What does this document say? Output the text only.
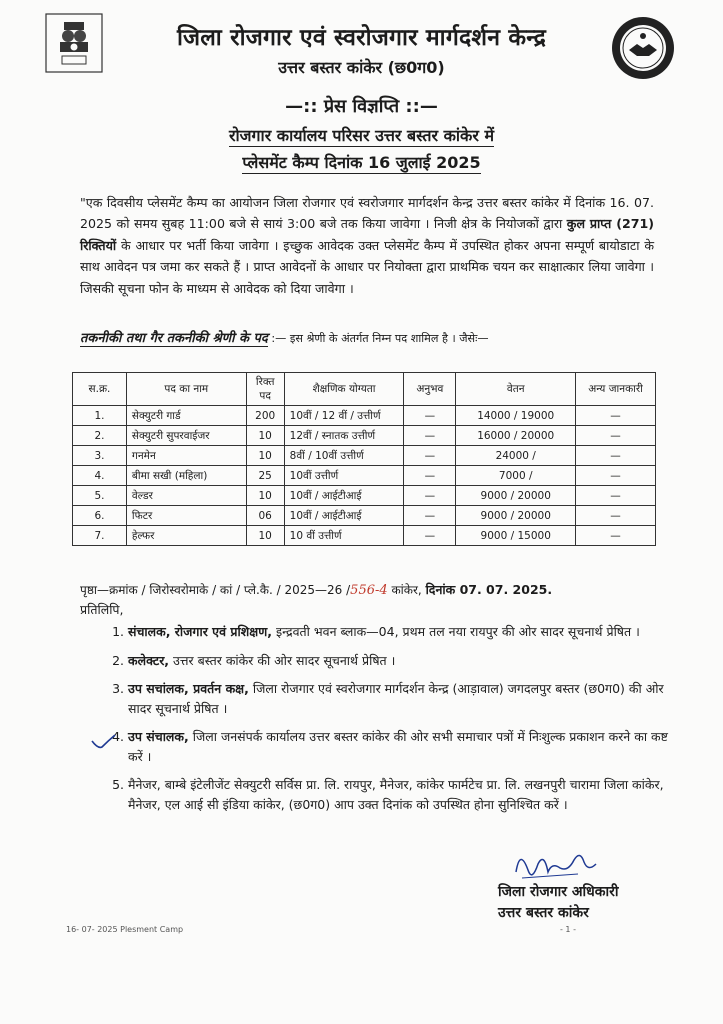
जिला रोजगार एवं स्वरोजगार मार्गदर्शन केन्द्र
उत्तर बस्तर कांकेर (छ0ग0)
—:: प्रेस विज्ञप्ति ::—
रोजगार कार्यालय परिसर उत्तर बस्तर कांकेर में
प्लेसमेंट कैम्प दिनांक 16 जुलाई 2025
"एक दिवसीय प्लेसमेंट कैम्प का आयोजन जिला रोजगार एवं स्वरोजगार मार्गदर्शन केन्द्र उत्तर बस्तर कांकेर में दिनांक 16. 07. 2025 को समय सुबह 11:00 बजे से सायं 3:00 बजे तक किया जावेगा । निजी क्षेत्र के नियोजकों द्वारा कुल प्राप्त (271) रिक्तियों के आधार पर भर्ती किया जावेगा । इच्छुक आवेदक उक्त प्लेसमेंट कैम्प में उपस्थित होकर अपना सम्पूर्ण बायोडाटा के साथ आवेदन पत्र जमा कर सकते हैं । प्राप्त आवेदनों के आधार पर नियोक्ता द्वारा प्राथमिक चयन कर साक्षात्कार लिया जावेगा । जिसकी सूचना फोन के माध्यम से आवेदक को दिया जावेगा ।
तकनीकी तथा गैर तकनीकी श्रेणी के पद :— इस श्रेणी के अंतर्गत निम्न पद शामिल है । जैसेः—
स.क्र.	पद का नाम	रिक्त पद	शैक्षणिक योग्यता	अनुभव	वेतन	अन्य जानकारी
1.	सेक्युटरी गार्ड	200	10वीं / 12 वीं / उत्तीर्ण	—	14000 / 19000	—
2.	सेक्युटरी सुपरवाईजर	10	12वीं / स्नातक उत्तीर्ण	—	16000 / 20000	—
3.	गनमेन	10	8वीं / 10वीं उत्तीर्ण	—	24000 /	—
4.	बीमा सखी (महिला)	25	10वीं उत्तीर्ण	—	7000 /	—
5.	वेल्डर	10	10वीं / आईटीआई	—	9000 / 20000	—
6.	फिटर	06	10वीं / आईटीआई	—	9000 / 20000	—
7.	हेल्फर	10	10 वीं उत्तीर्ण	—	9000 / 15000	—
पृष्ठा—क्रमांक / जिरोस्वरोमाके / कां / प्ले.कै. / 2025—26 /556-4 कांकेर, दिनांक 07. 07. 2025.
प्रतिलिपि,
1. संचालक, रोजगार एवं प्रशिक्षण, इन्द्रवती भवन ब्लाक—04, प्रथम तल नया रायपुर की ओर सादर सूचनार्थ प्रेषित ।
2. कलेक्टर, उत्तर बस्तर कांकेर की ओर सादर सूचनार्थ प्रेषित ।
3. उप सचांलक, प्रवर्तन कक्ष, जिला रोजगार एवं स्वरोजगार मार्गदर्शन केन्द्र (आड़ावाल) जगदलपुर बस्तर (छ0ग0) की ओर सादर सूचनार्थ प्रेषित ।
4. उप संचालक, जिला जनसंपर्क कार्यालय उत्तर बस्तर कांकेर की ओर सभी समाचार पत्रों में निःशुल्क प्रकाशन करने का कष्ट करें ।
5. मैनेजर, बाम्बे इंटेलीजेंट सेक्युटरी सर्विस प्रा. लि. रायपुर, मैनेजर, कांकेर फार्मटेच प्रा. लि. लखनपुरी चारामा जिला कांकेर, मैनेजर, एल आई सी इंडिया कांकेर, (छ0ग0) आप उक्त दिनांक को उपस्थित होना सुनिश्चित करें ।
जिला रोजगार अधिकारी
उत्तर बस्तर कांकेर
16- 07- 2025 Plesment Camp	- 1 -
